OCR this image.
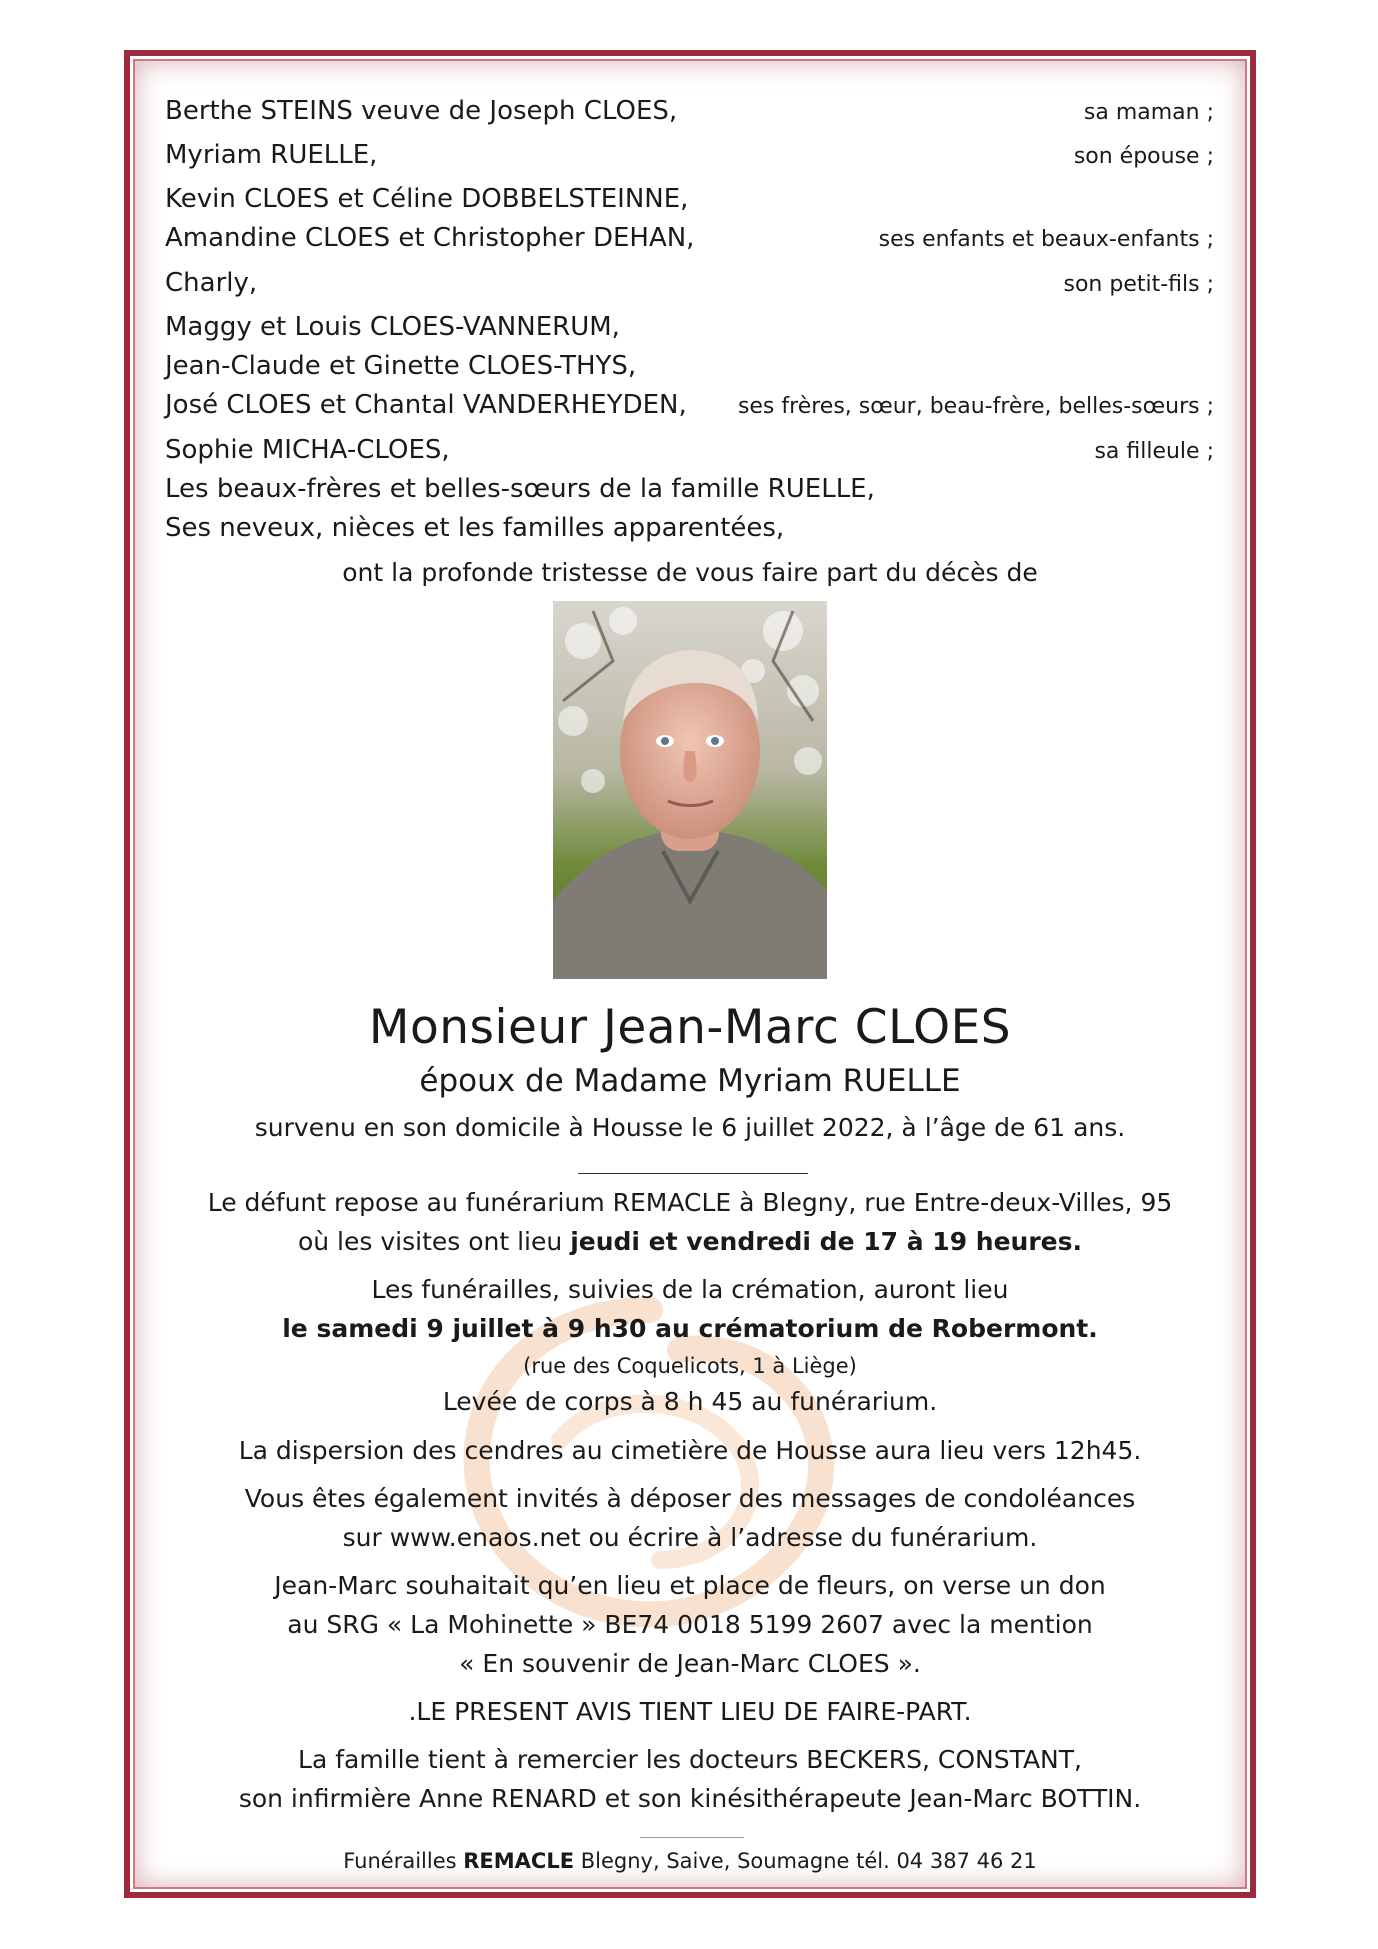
Berthe STEINS veuve de Joseph CLOES,	sa maman ;
Myriam RUELLE,	son épouse ;
Kevin CLOES et Céline DOBBELSTEINNE,
Amandine CLOES et Christopher DEHAN,	ses enfants et beaux-enfants ;
Charly,	son petit-fils ;
Maggy et Louis CLOES-VANNERUM,
Jean-Claude et Ginette CLOES-THYS,
José CLOES et Chantal VANDERHEYDEN, ses frères, sœur, beau-frère, belles-sœurs ;
Sophie MICHA-CLOES,	sa filleule ;
Les beaux-frères et belles-sœurs de la famille RUELLE,
Ses neveux, nièces et les familles apparentées,
ont la profonde tristesse de vous faire part du décès de
Monsieur Jean-Marc CLOES
époux de Madame Myriam RUELLE
survenu en son domicile à Housse le 6 juillet 2022, à l’âge de 61 ans.
Le défunt repose au funérarium REMACLE à Blegny, rue Entre-deux-Villes, 95
où les visites ont lieu jeudi et vendredi de 17 à 19 heures.
Les funérailles, suivies de la crémation, auront lieu
le samedi 9 juillet à 9 h30 au crématorium de Robermont.
(rue des Coquelicots, 1 à Liège)
Levée de corps à 8 h 45 au funérarium.
La dispersion des cendres au cimetière de Housse aura lieu vers 12h45.
Vous êtes également invités à déposer des messages de condoléances
sur www.enaos.net ou écrire à l’adresse du funérarium.
Jean-Marc souhaitait qu’en lieu et place de fleurs, on verse un don
au SRG « La Mohinette » BE74 0018 5199 2607 avec la mention
« En souvenir de Jean-Marc CLOES ».
.LE PRESENT AVIS TIENT LIEU DE FAIRE-PART.
La famille tient à remercier les docteurs BECKERS, CONSTANT,
son infirmière Anne RENARD et son kinésithérapeute Jean-Marc BOTTIN.
Funérailles REMACLE Blegny, Saive, Soumagne tél. 04 387 46 21
